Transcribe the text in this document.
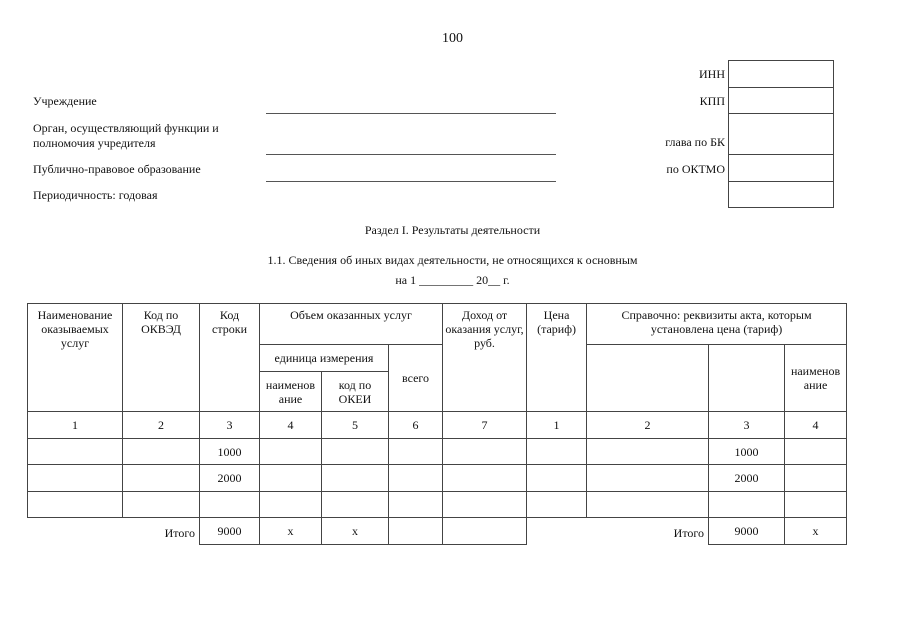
100
Учреждение
Орган, осуществляющий функции и
полномочия учредителя
Публично-правовое образование
Периодичность: годовая
ИНН
КПП
глава по БК
по ОКТМО

Раздел I. Результаты деятельности
1.1. Сведения об иных видах деятельности, не относящихся к основным
на 1 _________ 20__ г.
Наименование оказываемых услуг	Код по ОКВЭД	Код строки	Объем оказанных услуг			Доход от оказания услуг, руб.	Цена (тариф)	Справочно: реквизиты акта, которым установлена цена (тариф)		
			единица измерения		всего					наименов ание
			наименов ание	код по ОКЕИ						
1	2	3	4	5	6	7	1	2	3	4
		1000							1000	
		2000							2000	

Итого		9000	x	x				Итого	9000	x
